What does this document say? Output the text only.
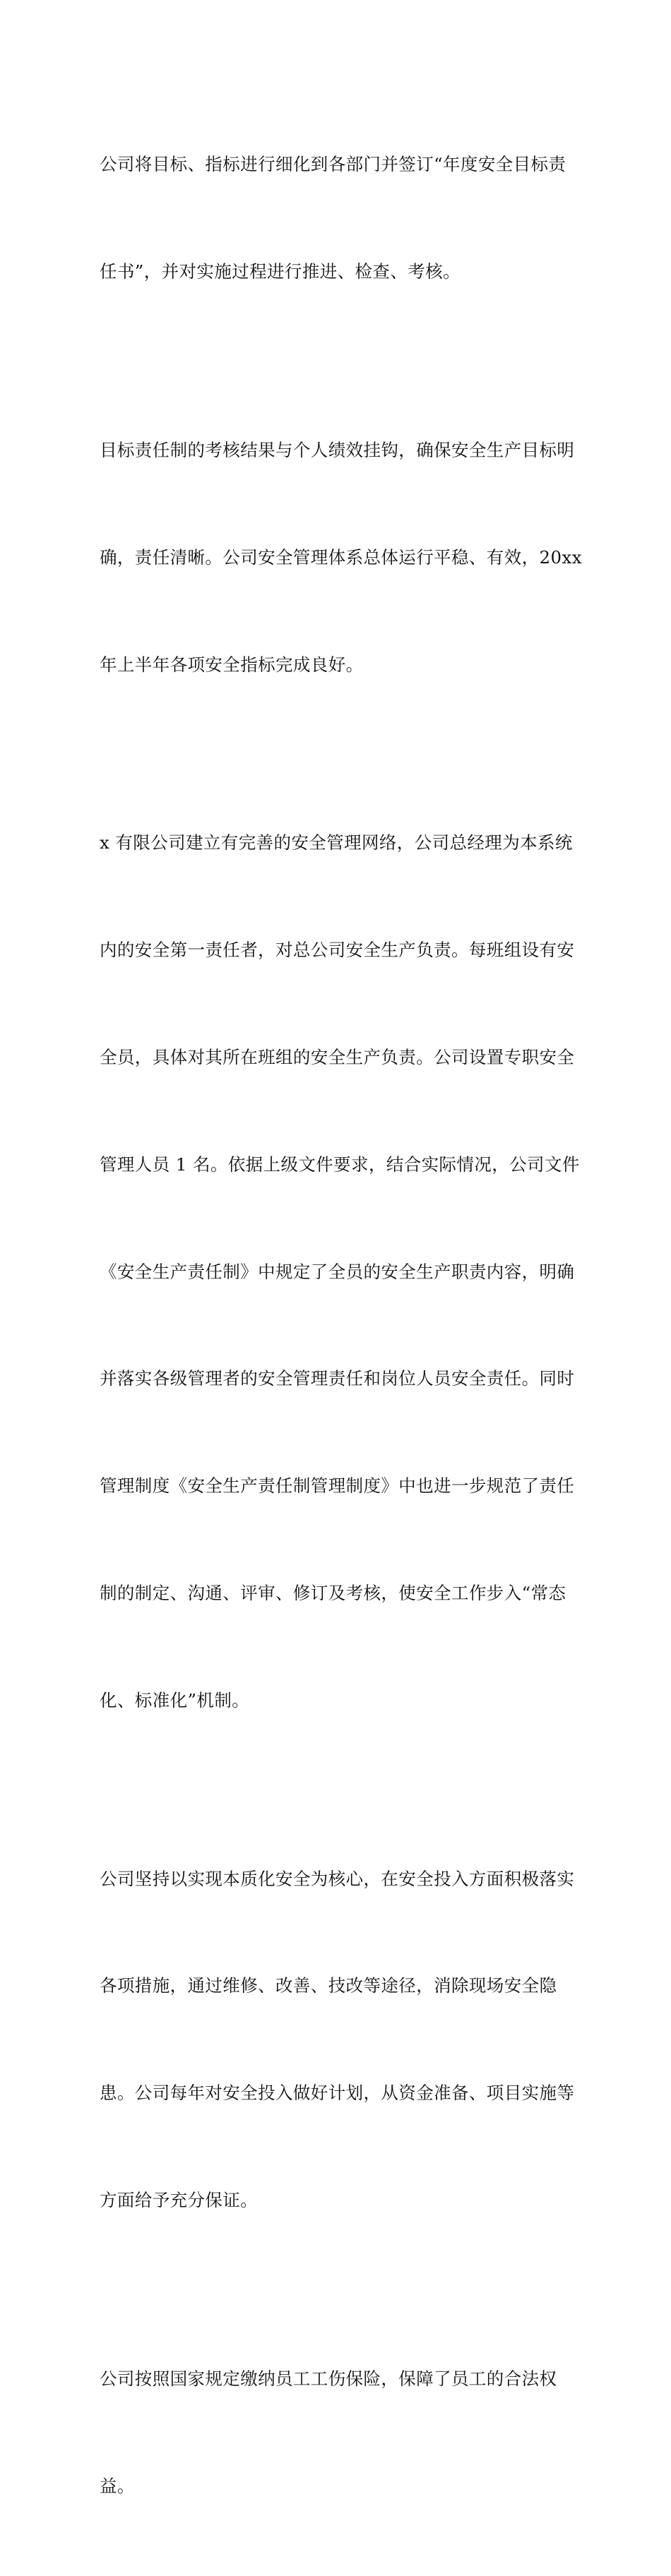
公司将目标、指标进行细化到各部门并签订“年度安全目标责

任书”，并对实施过程进行推进、检查、考核。

目标责任制的考核结果与个人绩效挂钩，确保安全生产目标明

确，责任清晰。公司安全管理体系总体运行平稳、有效，20xx

年上半年各项安全指标完成良好。

x 有限公司建立有完善的安全管理网络，公司总经理为本系统

内的安全第一责任者，对总公司安全生产负责。每班组设有安

全员，具体对其所在班组的安全生产负责。公司设置专职安全

管理人员 1 名。依据上级文件要求，结合实际情况，公司文件

《安全生产责任制》中规定了全员的安全生产职责内容，明确

并落实各级管理者的安全管理责任和岗位人员安全责任。同时

管理制度《安全生产责任制管理制度》中也进一步规范了责任

制的制定、沟通、评审、修订及考核，使安全工作步入“常态

化、标准化”机制。

公司坚持以实现本质化安全为核心，在安全投入方面积极落实

各项措施，通过维修、改善、技改等途径，消除现场安全隐

患。公司每年对安全投入做好计划，从资金准备、项目实施等

方面给予充分保证。

公司按照国家规定缴纳员工工伤保险，保障了员工的合法权

益。
